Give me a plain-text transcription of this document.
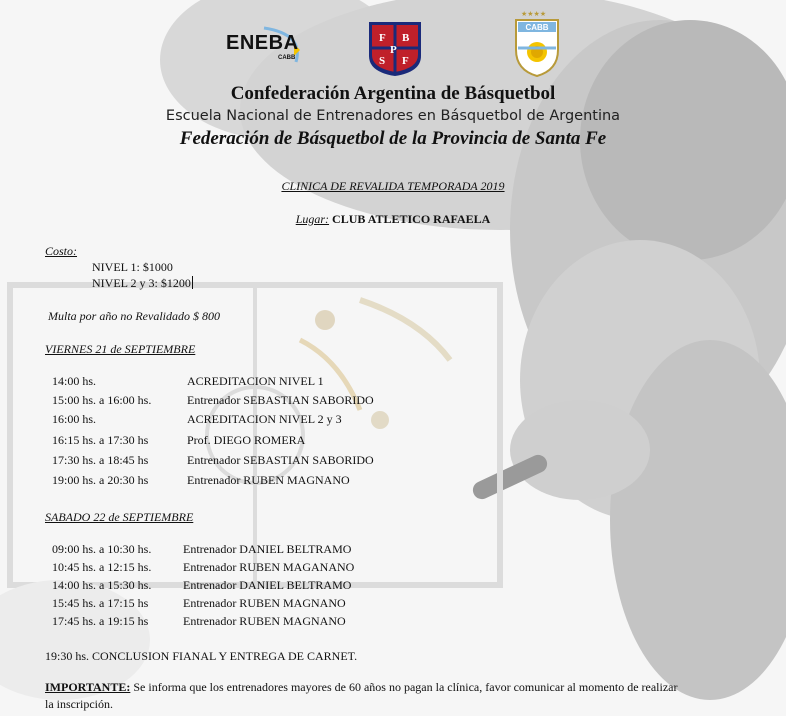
ENEBA
CABB
F B
P
S F
★★★★
CABB
Confederación Argentina de Básquetbol
Escuela Nacional de Entrenadores en Básquetbol de Argentina
Federación de Básquetbol de la Provincia de Santa Fe
CLINICA DE REVALIDA TEMPORADA 2019
Lugar: CLUB ATLETICO RAFAELA
Costo:
NIVEL 1: $1000
NIVEL 2 y 3: $1200
Multa por año no Revalidado $ 800
VIERNES 21 de SEPTIEMBRE
14:00 hs.	ACREDITACION NIVEL 1
15:00 hs. a 16:00 hs.	Entrenador SEBASTIAN SABORIDO
16:00 hs.	ACREDITACION NIVEL 2 y 3
16:15 hs. a 17:30 hs	Prof. DIEGO ROMERA
17:30 hs. a 18:45 hs	Entrenador SEBASTIAN SABORIDO
19:00 hs. a 20:30 hs	Entrenador RUBEN MAGNANO
SABADO 22 de SEPTIEMBRE
09:00 hs. a 10:30 hs.	Entrenador DANIEL BELTRAMO
10:45 hs. a 12:15 hs.	Entrenador RUBEN MAGANANO
14:00 hs. a 15:30 hs.	Entrenador DANIEL BELTRAMO
15:45 hs. a 17:15 hs	Entrenador RUBEN MAGNANO
17:45 hs. a 19:15 hs	Entrenador RUBEN MAGNANO
19:30 hs. CONCLUSION FIANAL Y ENTREGA DE CARNET.
IMPORTANTE: Se informa que los entrenadores mayores de 60 años no pagan la clínica, favor comunicar al momento de realizar
la inscripción.
